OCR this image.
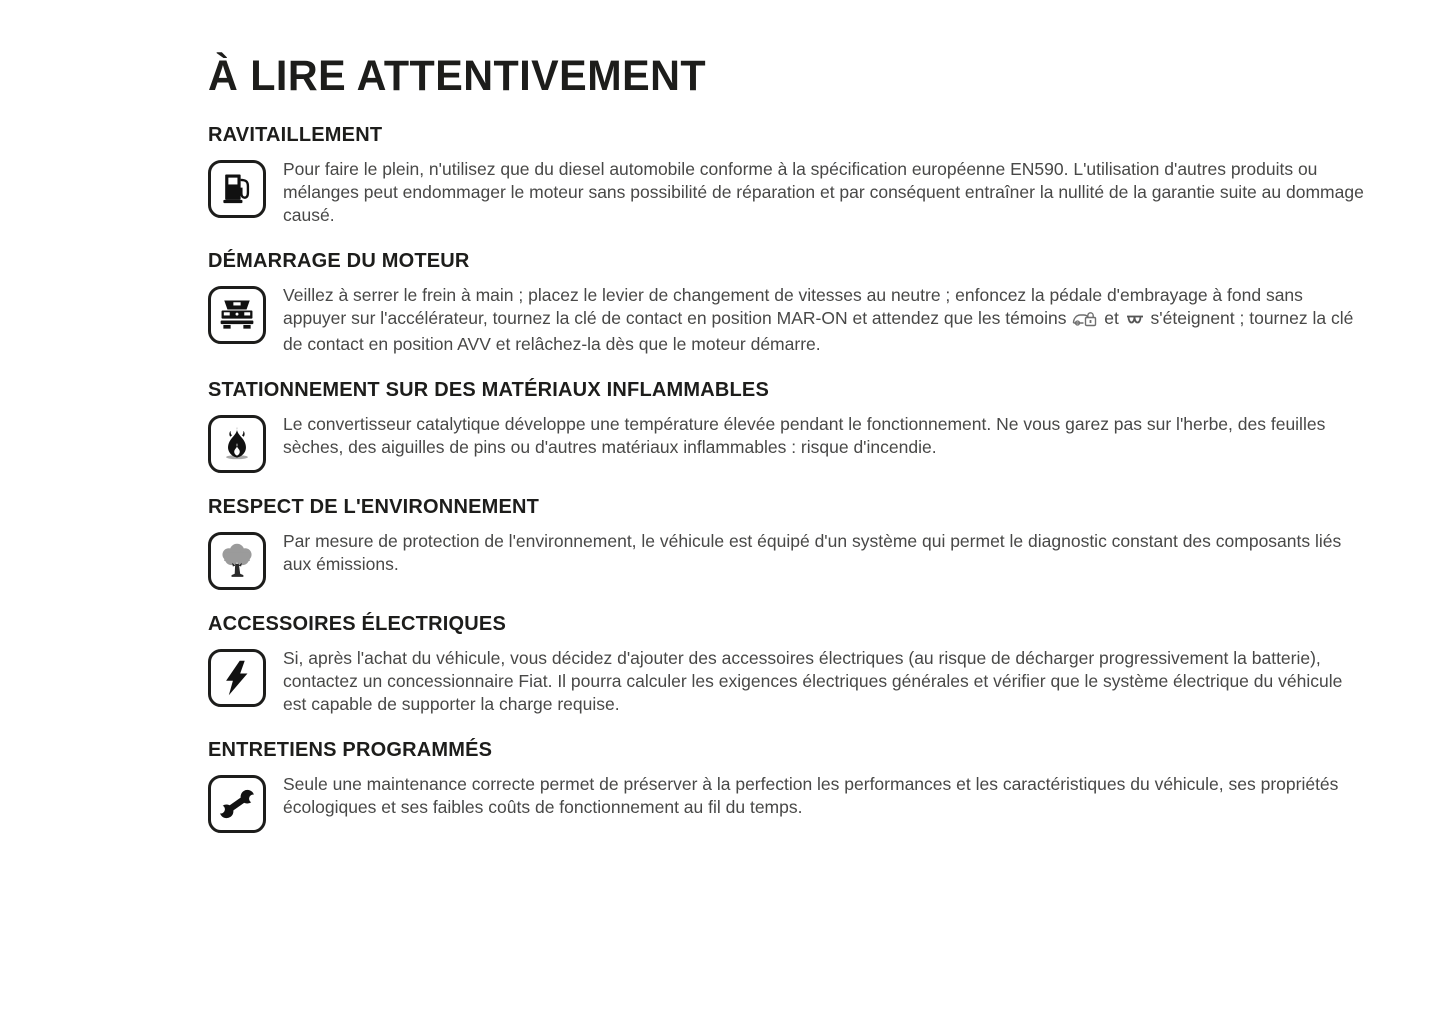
À LIRE ATTENTIVEMENT
RAVITAILLEMENT

Pour faire le plein, n'utilisez que du diesel automobile conforme à la spécification européenne EN590. L'utilisation d'autres produits ou mélanges peut endommager le moteur sans possibilité de réparation et par conséquent entraîner la nullité de la garantie suite au dommage causé.

DÉMARRAGE DU MOTEUR

Veillez à serrer le frein à main ; placez le levier de changement de vitesses au neutre ; enfoncez la pédale d'embrayage à fond sans appuyer sur l'accélérateur, tournez la clé de contact en position MAR-ON et attendez que les témoins  et  s'éteignent ; tournez la clé de contact en position AVV et relâchez-la dès que le moteur démarre.

STATIONNEMENT SUR DES MATÉRIAUX INFLAMMABLES

Le convertisseur catalytique développe une température élevée pendant le fonctionnement. Ne vous garez pas sur l'herbe, des feuilles sèches, des aiguilles de pins ou d'autres matériaux inflammables : risque d'incendie.

RESPECT DE L'ENVIRONNEMENT

Par mesure de protection de l'environnement, le véhicule est équipé d'un système qui permet le diagnostic constant des composants liés aux émissions.

ACCESSOIRES ÉLECTRIQUES

Si, après l'achat du véhicule, vous décidez d'ajouter des accessoires électriques (au risque de décharger progressivement la batterie), contactez un concessionnaire Fiat. Il pourra calculer les exigences électriques générales et vérifier que le système électrique du véhicule est capable de supporter la charge requise.

ENTRETIENS PROGRAMMÉS

Seule une maintenance correcte permet de préserver à la perfection les performances et les caractéristiques du véhicule, ses propriétés écologiques et ses faibles coûts de fonctionnement au fil du temps.
